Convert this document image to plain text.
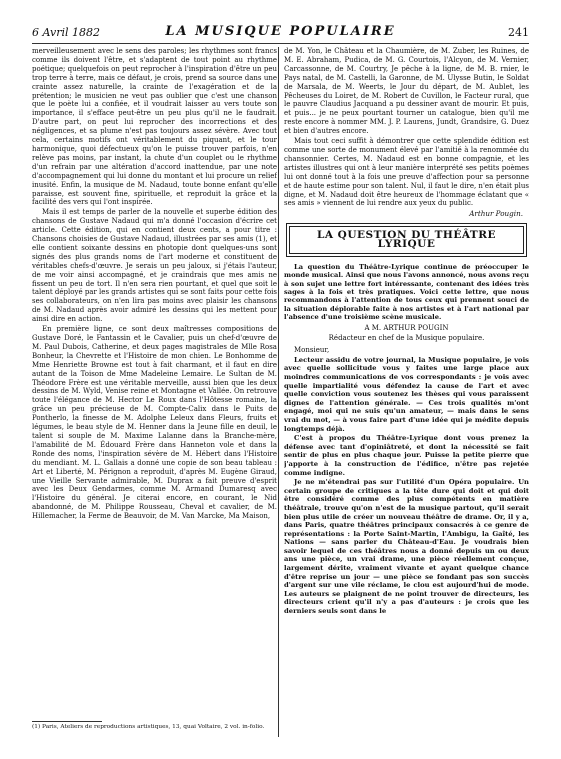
6 Avril 1882	LA MUSIQUE POPULAIRE	241

merveilleusement avec le sens des paroles; les rhythmes sont francs comme ils doivent l'être, et s'adaptent de tout point au rhythme poétique; quelquefois on peut reprocher à l'inspiration d'être un peu trop terre à terre, mais ce défaut, je crois, prend sa source dans une crainte assez naturelle, la crainte de l'exagération et de la prétention; le musicien ne veut pas oublier que c'est une chanson que le poète lui a confiée, et il voudrait laisser au vers toute son importance, il s'efface peut-être un peu plus qu'il ne le faudrait. D'autre part, on peut lui reprocher des incorrections et des négligences, et sa plume n'est pas toujours assez sévère. Avec tout cela, certains motifs ont véritablement du piquant, et le tour harmonique, quoi défectueux qu'on le puisse trouver parfois, n'en relève pas moins, par instant, la chute d'un couplet ou le rhythme d'un refrain par une altération d'accord inattendue, par une note d'accompagnement qui lui donne du montant et lui procure un relief inusité. Enfin, la musique de M. Nadaud, toute bonne enfant qu'elle paraisse, est souvent fine, spirituelle, et reproduit la grâce et la facilité des vers qui l'ont inspirée.

Mais il est temps de parler de la nouvelle et superbe édition des chansons de Gustave Nadaud qui m'a donné l'occasion d'écrire cet article. Cette édition, qui en contient deux cents, a pour titre : Chansons choisies de Gustave Nadaud, illustrées par ses amis (1), et elle contient soixante dessins en photopie dont quelques-uns sont signés des plus grands noms de l'art moderne et constituent de véritables chefs-d'œuvre. Je serais un peu jaloux, si j'étais l'auteur, de me voir ainsi accompagné, et je craindrais que mes amis ne fissent un peu de tort. Il n'en sera rien pourtant, et quel que soit le talent déployé par les grands artistes qui se sont faits pour cette fois ses collaborateurs, on n'en lira pas moins avec plaisir les chansons de M. Nadaud après avoir admiré les dessins qui les mettent pour ainsi dire en action.

En première ligne, ce sont deux maîtresses compositions de Gustave Doré, le Fantassin et le Cavalier, puis un chef-d'œuvre de M. Paul Dubois, Catherine, et deux pages magistrales de Mlle Rosa Bonheur, la Chevrette et l'Histoire de mon chien. Le Bonhomme de Mme Henriette Browne est tout à fait charmant, et il faut en dire autant de la Toison de Mme Madeleine Lemaire. Le Sultan de M. Théodore Frère est une véritable merveille, aussi bien que les deux dessins de M. Wyld, Venise reine et Montagne et Vallée. On retrouve toute l'élégance de M. Hector Le Roux dans l'Hôtesse romaine, la grâce un peu précieuse de M. Compte-Calix dans le Puits de Pontherlo, la finesse de M. Adolphe Leleux dans Fleurs, fruits et légumes, le beau style de M. Henner dans la Jeune fille en deuil, le talent si souple de M. Maxime Lalanne dans la Branche-mère, l'amabilité de M. Édouard Frère dans Hanneton vole et dans la Ronde des noms, l'inspiration sévère de M. Hébert dans l'Histoire du mendiant. M. L. Gallais a donné une copie de son beau tableau : Art et Liberté, M. Pérignon a reproduit, d'après M. Eugène Giraud, une Vieille Servante admirable, M. Duprax a fait preuve d'esprit avec les Deux Gendarmes, comme M. Armand Dumaresq avec l'Histoire du général. Je citerai encore, en courant, le Nid abandonné, de M. Philippe Rousseau, Cheval et cavalier, de M. Hillemacher, la Ferme de Beauvoir, de M. Van Marcke, Ma Maison,

de M. Yon, le Château et la Chaumière, de M. Zuber, les Ruines, de M. E. Abraham, Pudica, de M. G. Courtois, l'Alcyon, de M. Vernier, Carcassonne, de M. Courtry, Je pêche à la ligne, de M. B. rnier, le Pays natal, de M. Castelli, la Garonne, de M. Ulysse Butin, le Soldat de Marsala, de M. Weerts, le Jour du départ, de M. Aublet, les Pêcheuses du Loiret, de M. Robert de Cuvillon, le Facteur rural, que le pauvre Claudius Jacquand a pu dessiner avant de mourir. Et puis, et puis... je ne peux pourtant tourner un catalogue, bien qu'il me reste encore à nommer MM. J. P. Laurens, Jundt, Grandsire, G. Duez et bien d'autres encore.

Mais tout ceci suffit à démontrer que cette splendide édition est comme une sorte de monument élevé par l'amitié à la renommée du chansonnier. Certes, M. Nadaud est en bonne compagnie, et les artistes illustres qui ont à leur manière interprété ses petits poèmes lui ont donné tout à la fois une preuve d'affection pour sa personne et de haute estime pour son talent. Nul, il faut le dire, n'en était plus digne, et M. Nadaud doit être heureux de l'hommage éclatant que « ses amis » viennent de lui rendre aux yeux du public.

Arthur Pougin.
LA QUESTION DU THÉÂTRE LYRIQUE

La question du Théâtre-Lyrique continue de préoccuper le monde musical. Ainsi que nous l'avons annoncé, nous avons reçu à son sujet une lettre fort intéressante, contenant des idées très sages à la fois et très pratiques. Voici cette lettre, que nous recommandons à l'attention de tous ceux qui prennent souci de la situation déplorable faite à nos artistes et à l'art national par l'absence d'une troisième scène musicale.

A M. ARTHUR POUGIN
Rédacteur en chef de la Musique populaire.

Monsieur,

Lecteur assidu de votre journal, la Musique populaire, je vois avec quelle sollicitude vous y faites une large place aux moindres communications de vos correspondants : je vois avec quelle impartialité vous défendez la cause de l'art et avec quelle conviction vous soutenez les thèses qui vous paraissent dignes de l'attention générale. — Ces trois qualités m'ont engagé, moi qui ne suis qu'un amateur, — mais dans le sens vrai du mot, — à vous faire part d'une idée qui je médite depuis longtemps déjà.

C'est à propos du Théâtre-Lyrique dont vous prenez la défense avec tant d'opiniâtreté, et dont la nécessité se fait sentir de plus en plus chaque jour. Puisse la petite pierre que j'apporte à la construction de l'édifice, n'être pas rejetée comme indigne.

Je ne m'étendrai pas sur l'utilité d'un Opéra populaire. Un certain groupe de critiques a la tête dure qui doit et qui doit être considéré comme des plus compétents en matière théâtrale, trouve qu'on n'est de la musique partout, qu'il serait bien plus utile de créer un nouveau théâtre de drame. Or, il y a, dans Paris, quatre théâtres principaux consacrés à ce genre de représentations : la Porte Saint-Martin, l'Ambigu, la Gaîté, les Nations — sans parler du Château-d'Eau. Je voudrais bien savoir lequel de ces théâtres nous a donné depuis un ou deux ans une pièce, un vrai drame, une pièce réellement conçue, largement dérite, vraiment vivante et ayant quelque chance d'être reprise un jour — une pièce se fondant pas son succès d'argent sur une vile réclame, le clou est aujourd'hui de mode. Les auteurs se plaignent de ne point trouver de directeurs, les directeurs crient qu'il n'y a pas d'auteurs : je crois que les derniers seuls sont dans le

(1) Paris, Ateliers de reproductions artistiques, 13, quai Voltaire, 2 vol. in-folio.
